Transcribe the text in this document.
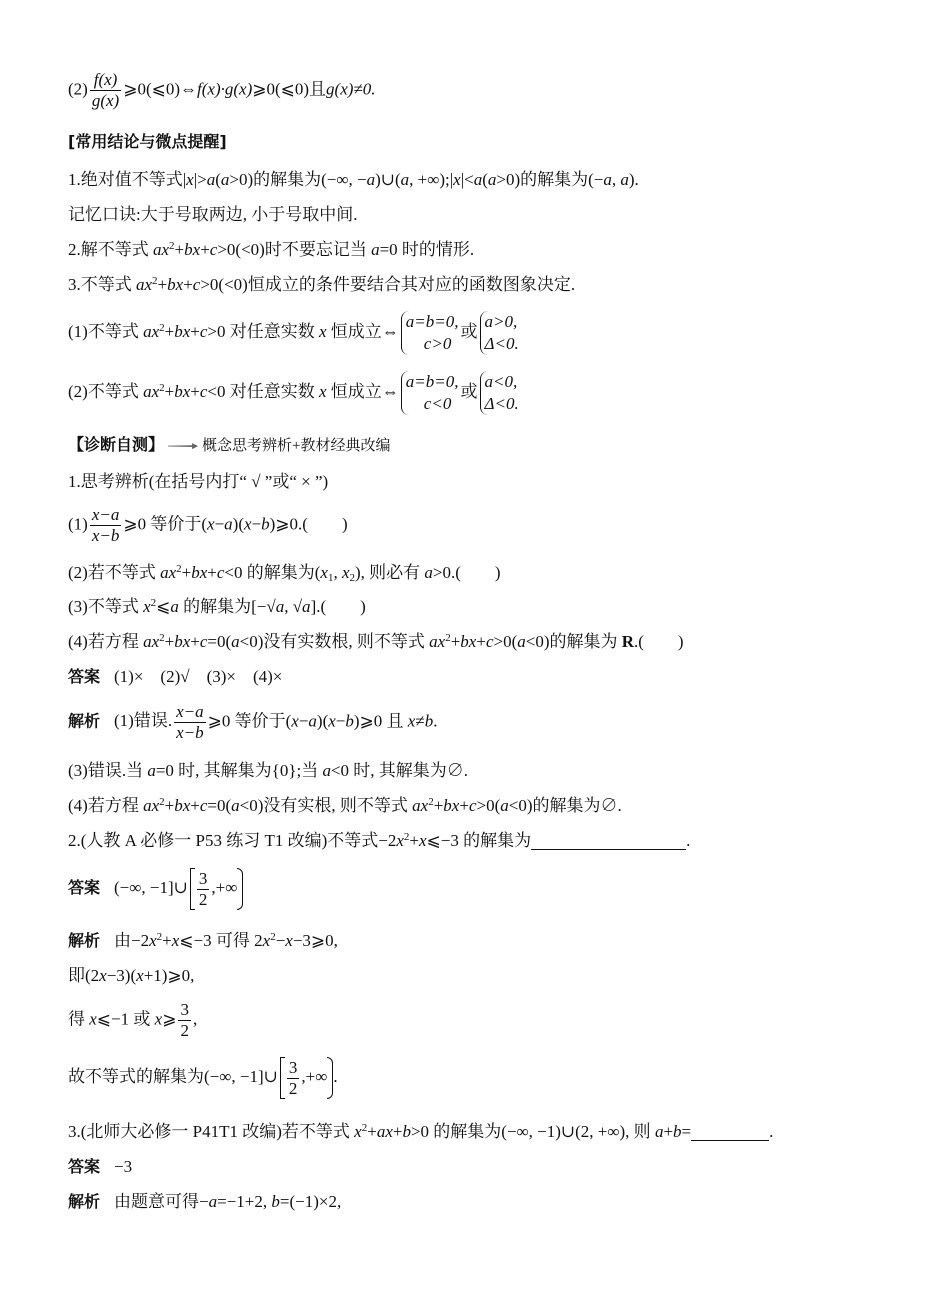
$(2) \frac{f(x)}{g(x)}$ ⩾0(⩽0)⇔f(x)·g(x)⩾0(⩽0)且g(x)≠0.
[常用结论与微点提醒]
1.绝对值不等式|x|>a(a>0)的解集为(−∞, −a)∪(a, +∞);|x|<a(a>0)的解集为(−a, a).
记忆口诀:大于号取两边, 小于号取中间.
2.解不等式 $ax^2+bx+c>0(<0)$时不要忘记当 a=0 时的情形.
3.不等式 $ax^2+bx+c>0(<0)$恒成立的条件要结合其对应的函数图象决定.
(1)不等式 $ax^2+bx+c>0$ 对任意实数 x 恒成立⇔
a=b=0,
c>0
或
a>0,
Δ<0.
(2)不等式 $ax^2+bx+c<0$ 对任意实数 x 恒成立⇔
a=b=0,
c<0
或
a<0,
Δ<0.
【诊断自测】	概念思考辨析+教材经典改编
1.思考辨析(在括号内打“ √ ”或“ × ”)
$(1) \frac{x-a}{x-b}$ ⩾0 等价于(x−a)(x−b)⩾0.(　　)
(2)若不等式 $ax^2+bx+c<0$ 的解集为($x_1$, $x_2$), 则必有 a>0.(　　)
(3)不等式 $x^2⩽a$ 的解集为[−√a, √a].(　　)
(4)若方程 $ax^2+bx+c=0(a<0)$没有实数根, 则不等式 $ax^2+bx+c>0(a<0)$的解集为 R.(　　)
答案 (1)×　(2)√　(3)×　(4)×
解析 (1)错误. $\frac{x-a}{x-b}$ ⩾0 等价于(x−a)(x−b)⩾0 且 x≠b.
(3)错误.当 a=0 时, 其解集为{0};当 a<0 时, 其解集为∅.
(4)若方程 $ax^2+bx+c=0(a<0)$没有实根, 则不等式 $ax^2+bx+c>0(a<0)$的解集为∅.
2.(人教 A 必修一 P53 练习 T1 改编)不等式$-2x^2+x⩽-3$ 的解集为	.
答案 (−∞, −1]∪ $\frac{3}{2}$ ,+∞
解析 由$-2x^2+x⩽-3$ 可得 $2x^2-x-3⩾0$,
即(2x−3)(x+1)⩾0,
得 x⩽−1 或 x⩾ $\frac{3}{2}$ ,
故不等式的解集为(−∞, −1]∪ $\frac{3}{2}$ ,+∞ .
3.(北师大必修一 P41T1 改编)若不等式 $x^2+ax+b>0$ 的解集为(−∞, −1)∪(2, +∞), 则 a+b=	.
答案 −3
解析 由题意可得−a=−1+2, b=(−1)×2,
